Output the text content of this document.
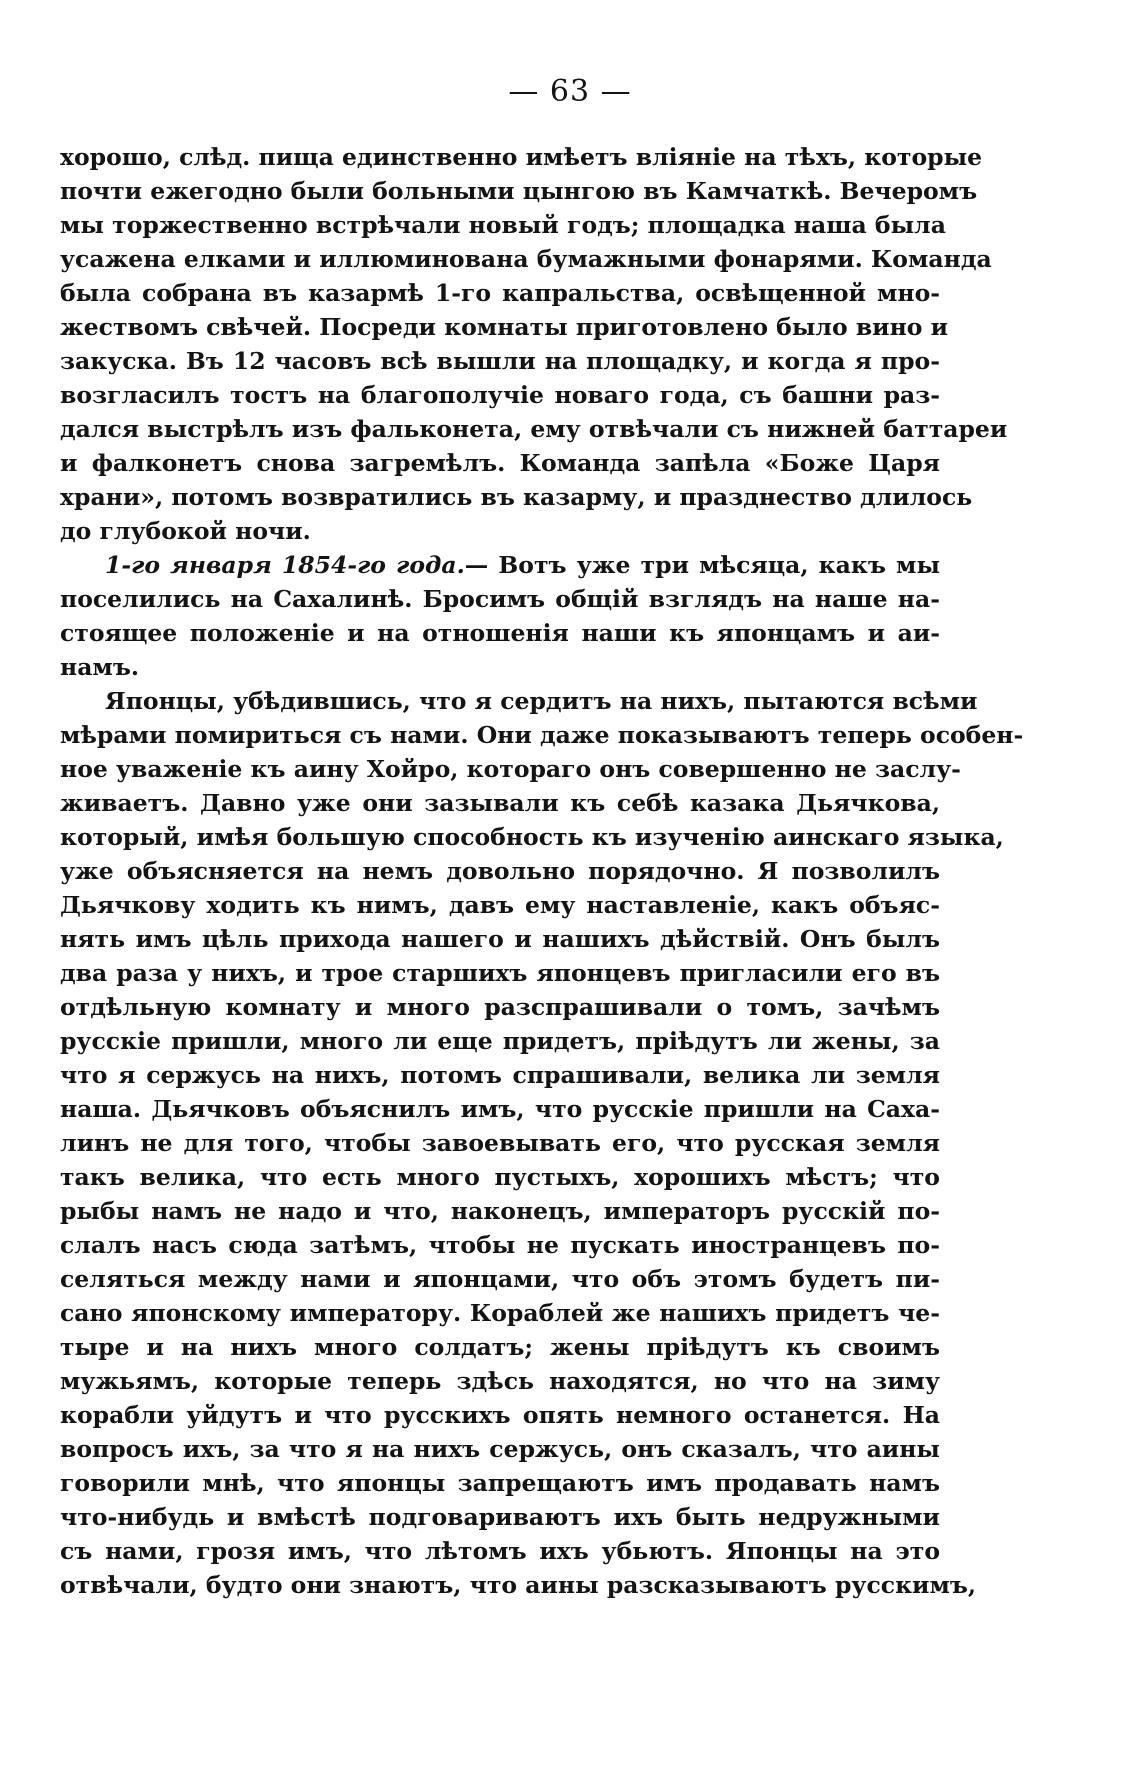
— 63 —
хорошо, слѣд. пища единственно имѣетъ вліяніе на тѣхъ, которые
почти ежегодно были больными цынгою въ Камчаткѣ. Вечеромъ
мы торжественно встрѣчали новый годъ; площадка наша была
усажена елками и иллюминована бумажными фонарями. Команда
была собрана въ казармѣ 1-го капральства, освѣщенной мно-
жествомъ свѣчей. Посреди комнаты приготовлено было вино и
закуска. Въ 12 часовъ всѣ вышли на площадку, и когда я про-
возгласилъ тостъ на благополучіе новаго года, съ башни раз-
дался выстрѣлъ изъ фальконета, ему отвѣчали съ нижней баттареи
и фалконетъ снова загремѣлъ. Команда запѣла «Боже Царя
храни», потомъ возвратились въ казарму, и празднество длилось
до глубокой ночи.
1-го января 1854-го года.— Вотъ уже три мѣсяца, какъ мы
поселились на Сахалинѣ. Бросимъ общій взглядъ на наше на-
стоящее положеніе и на отношенія наши къ японцамъ и аи-
намъ.
Японцы, убѣдившись, что я сердитъ на нихъ, пытаются всѣми
мѣрами помириться съ нами. Они даже показываютъ теперь особен-
ное уваженіе къ аину Хойро, котораго онъ совершенно не заслу-
живаетъ. Давно уже они зазывали къ себѣ казака Дьячкова,
который, имѣя большую способность къ изученію аинскаго языка,
уже объясняется на немъ довольно порядочно. Я позволилъ
Дьячкову ходить къ нимъ, давъ ему наставленіе, какъ объяс-
нять имъ цѣль прихода нашего и нашихъ дѣйствій. Онъ былъ
два раза у нихъ, и трое старшихъ японцевъ пригласили его въ
отдѣльную комнату и много разспрашивали о томъ, зачѣмъ
русскіе пришли, много ли еще придетъ, пріѣдутъ ли жены, за
что я сержусь на нихъ, потомъ спрашивали, велика ли земля
наша. Дьячковъ объяснилъ имъ, что русскіе пришли на Саха-
линъ не для того, чтобы завоевывать его, что русская земля
такъ велика, что есть много пустыхъ, хорошихъ мѣстъ; что
рыбы намъ не надо и что, наконецъ, императоръ русскій по-
слалъ насъ сюда затѣмъ, чтобы не пускать иностранцевъ по-
селяться между нами и японцами, что объ этомъ будетъ пи-
сано японскому императору. Кораблей же нашихъ придетъ че-
тыре и на нихъ много солдатъ; жены пріѣдутъ къ своимъ
мужьямъ, которые теперь здѣсь находятся, но что на зиму
корабли уйдутъ и что русскихъ опять немного останется. На
вопросъ ихъ, за что я на нихъ сержусь, онъ сказалъ, что аины
говорили мнѣ, что японцы запрещаютъ имъ продавать намъ
что-нибудь и вмѣстѣ подговариваютъ ихъ быть недружными
съ нами, грозя имъ, что лѣтомъ ихъ убьютъ. Японцы на это
отвѣчали, будто они знаютъ, что аины разсказываютъ русскимъ,
